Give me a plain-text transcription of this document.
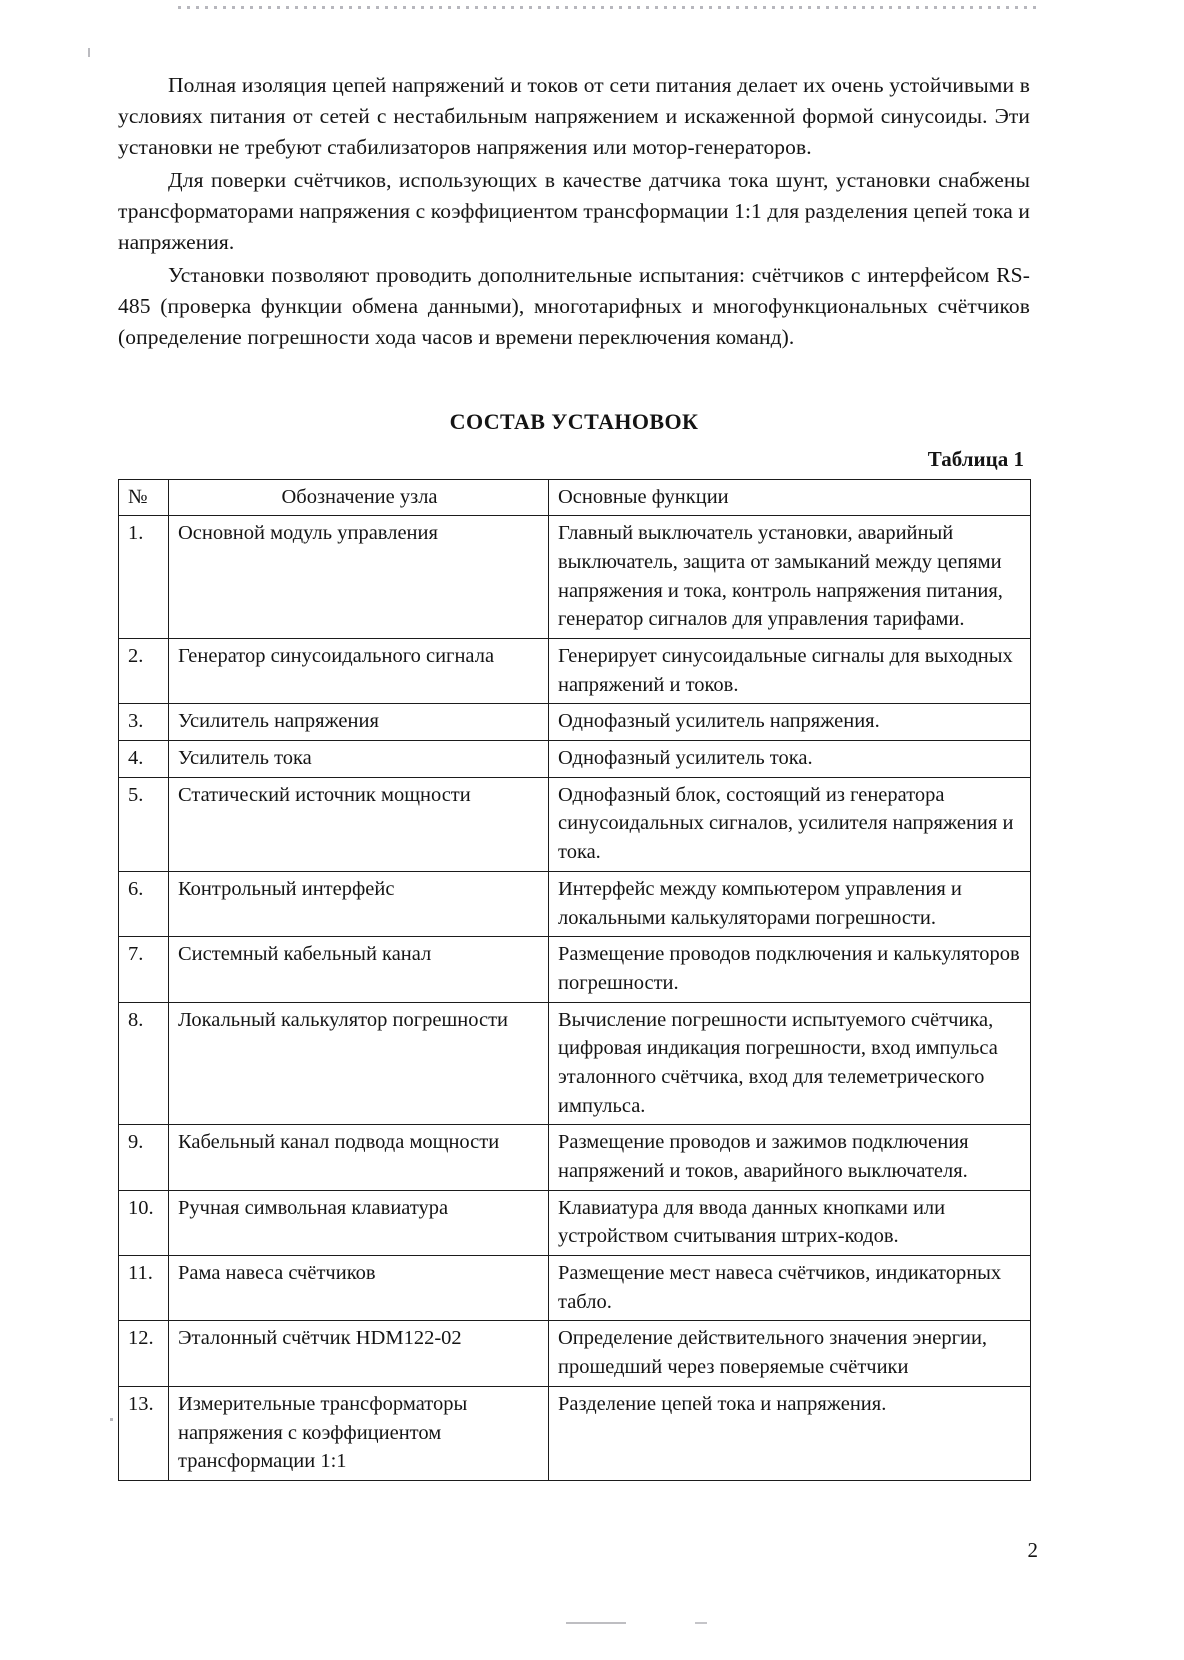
Полная изоляция цепей напряжений и токов от сети питания делает их очень устойчивыми в условиях питания от сетей с нестабильным напряжением и искаженной формой синусоиды. Эти установки не требуют стабилизаторов напряжения или мотор-генераторов.

Для поверки счётчиков, использующих в качестве датчика тока шунт, установки снабжены трансформаторами напряжения с коэффициентом трансформации 1:1 для разделения цепей тока и напряжения.

Установки позволяют проводить дополнительные испытания: счётчиков с интерфейсом RS-485 (проверка функции обмена данными), многотарифных и многофункциональных счётчиков (определение погрешности хода часов и времени переключения команд).

СОСТАВ УСТАНОВОК
Таблица 1
№	Обозначение узла	Основные функции
1.	Основной модуль управления	Главный выключатель установки, аварийный выключатель, защита от замыканий между цепями напряжения и тока, контроль напряжения питания, генератор сигналов для управления тарифами.
2.	Генератор синусоидального сигнала	Генерирует синусоидальные сигналы для выходных напряжений и токов.
3.	Усилитель напряжения	Однофазный усилитель напряжения.
4.	Усилитель тока	Однофазный усилитель тока.
5.	Статический источник мощности	Однофазный блок, состоящий из генератора синусоидальных сигналов, усилителя напряжения и тока.
6.	Контрольный интерфейс	Интерфейс между компьютером управления и локальными калькуляторами погрешности.
7.	Системный кабельный канал	Размещение проводов подключения и калькуляторов погрешности.
8.	Локальный калькулятор погрешности	Вычисление погрешности испытуемого счётчика, цифровая индикация погрешности, вход импульса эталонного счётчика, вход для телеметрического импульса.
9.	Кабельный канал подвода мощности	Размещение проводов и зажимов подключения напряжений и токов, аварийного выключателя.
10.	Ручная символьная клавиатура	Клавиатура для ввода данных кнопками или устройством считывания штрих-кодов.
11.	Рама навеса счётчиков	Размещение мест навеса счётчиков, индикаторных табло.
12.	Эталонный счётчик HDM122-02	Определение действительного значения энергии, прошедший через поверяемые счётчики
13.	Измерительные трансформаторы напряжения с коэффициентом трансформации 1:1	Разделение цепей тока и напряжения.
2
